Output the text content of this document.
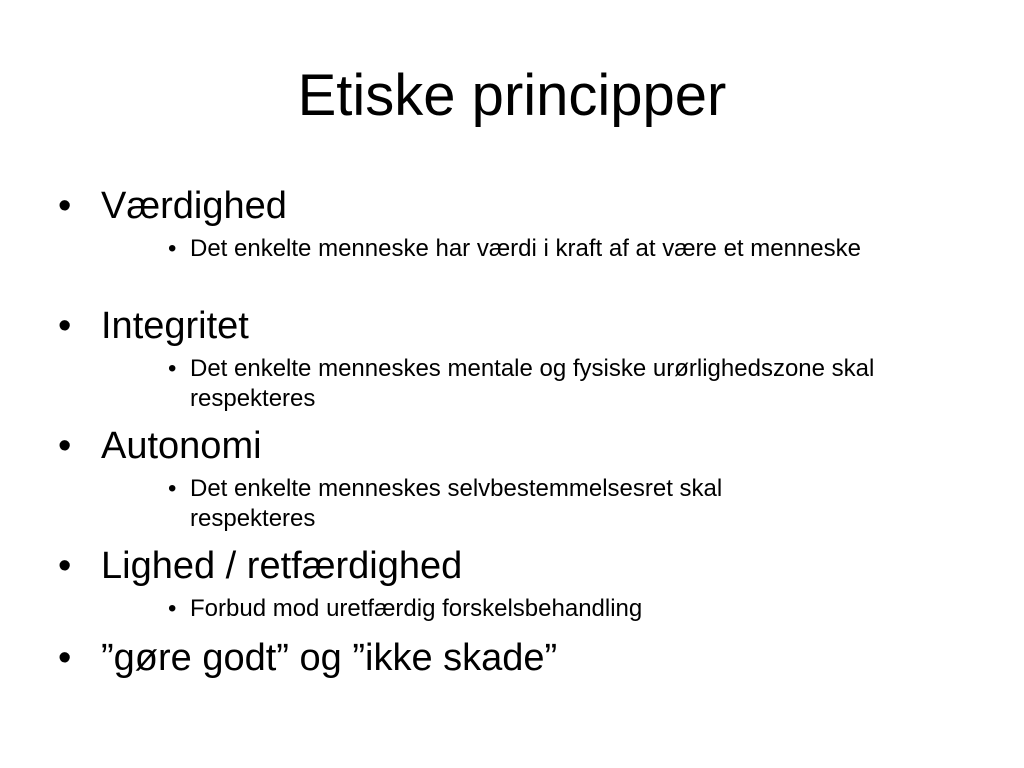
Etiske principper
• Værdighed
• Det enkelte menneske har værdi i kraft af at være et menneske
• Integritet
• Det enkelte menneskes mentale og fysiske urørlighedszone skal respekteres
• Autonomi
• Det enkelte menneskes selvbestemmelsesret skal respekteres
• Lighed / retfærdighed
• Forbud mod uretfærdig forskelsbehandling
• ”gøre godt” og ”ikke skade”
